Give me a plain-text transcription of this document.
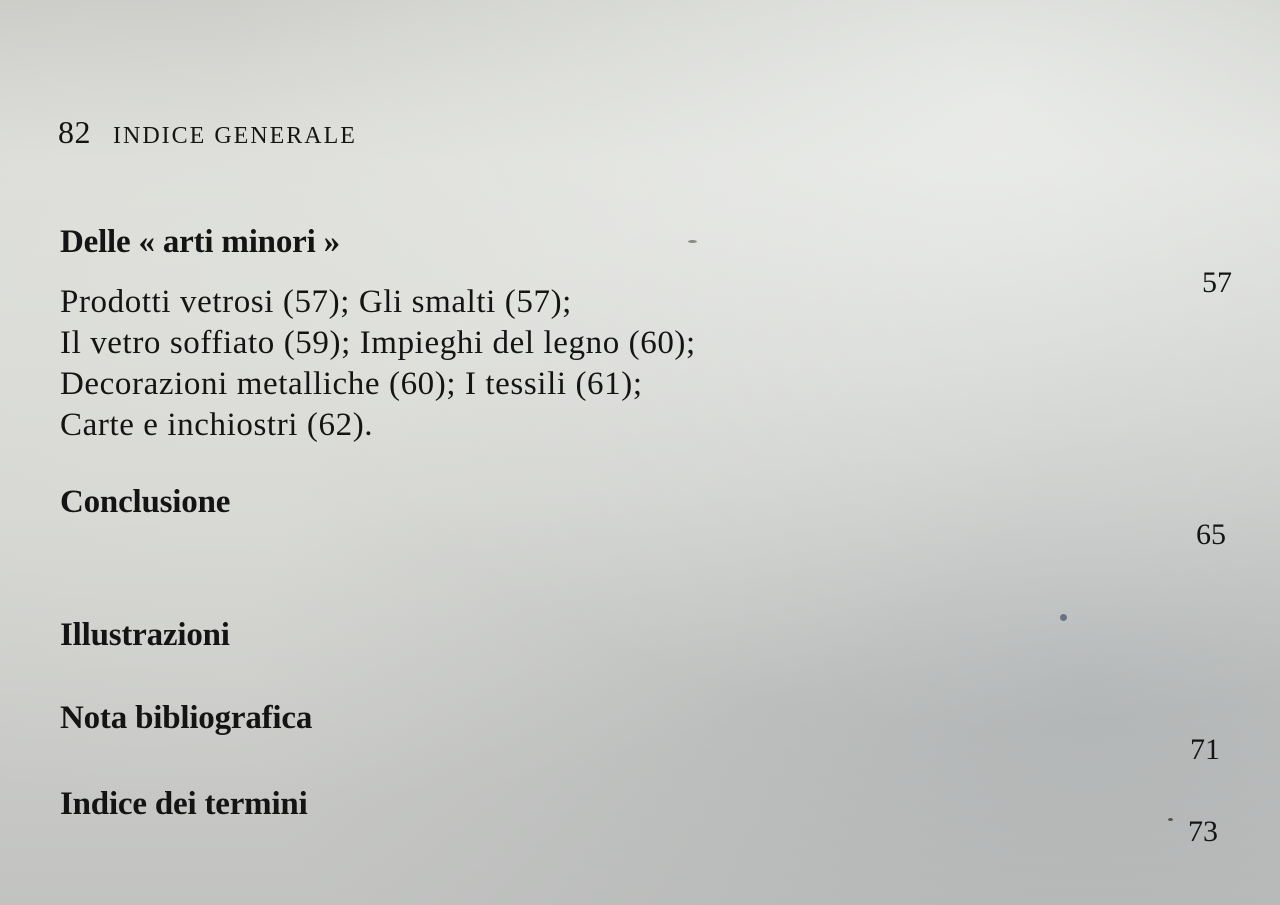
82 INDICE GENERALE
Delle « arti minori »
57
Prodotti vetrosi (57); Gli smalti (57);
Il vetro soffiato (59); Impieghi del legno (60);
Decorazioni metalliche (60); I tessili (61);
Carte e inchiostri (62).
Conclusione
65
Illustrazioni
Nota bibliografica
71
Indice dei termini
73
